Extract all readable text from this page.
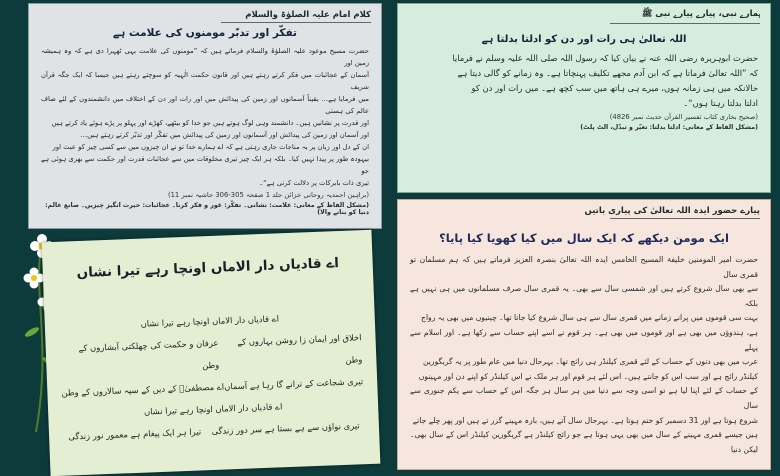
کلام امام علیہ الصلوٰۃ والسلام
تفکّر اور تدبّر مومنوں کی علامت ہے
حضرت مسیح موعود علیہ الصلوٰۃ والسلام فرماتے ہیں کہ ”مومنوں کی علامت یہی ٹھہرا دی ہے کہ وہ ہمیشہ زمین اور
آسمان کے عجائبات میں فکر کرتے رہتے ہیں اور قانون حکمت الٰہیہ کو سوچتے رہتے ہیں جیسا کہ ایک جگہ قرآن شریف
میں فرمایا ہے… یقیناً آسمانوں اور زمین کی پیدائش میں اور رات اور دن کے اختلاف میں دانشمندوں کے لئے صاف عالم کی ہستی
اور قدرت پر نشانیں ہیں۔ دانشمند وہی لوگ ہوتے ہیں جو خدا کو بیٹھے، کھڑے اور پہلو پر پڑے ہوئے یاد کرتے ہیں
اور آسمان اور زمین کی پیدائش اور آسمانوں اور زمین کی پیدائش میں تفکّر اور تدبّر کرتے رہتے ہیں…
ان کے دل اور زبان پر یہ مناجات جاری رہتی ہے کہ اے ہمارے خدا تو نے ان چیزوں میں سے کسی چیز کو عبث اور
بیہودہ طور پر پیدا نہیں کیا۔ بلکہ ہر ایک چیز تیری مخلوقات میں سے عجائبات قدرت اور حکمت سے بھری ہوئی ہے جو
تیری ذات بابرکات پر دلالت کرتی ہے“۔
(براہین احمدیہ روحانی خزائن جلد 1 صفحہ 305-306 حاشیہ نمبر 11)
(مشکل الفاظ کے معانی: علامت: نشانی۔ تفکّر: غور و فکر کرنا۔ عجائبات: حیرت انگیز چیزیں۔ صانع عالم: دنیا کو بنانے والا)
ہمارے نبی، پیارے پیارے نبی ﷺ
اللہ تعالیٰ ہی رات اور دن کو ادلتا بدلتا ہے
حضرت ابوہریرہ رضی اللہ عنہ نے بیان کیا کہ رسول اللہ صلی اللہ علیہ وسلم نے فرمایا
کہ ”اللہ تعالیٰ فرماتا ہے کہ ابن آدم مجھے تکلیف پہنچاتا ہے۔ وہ زمانے کو گالی دیتا ہے
حالانکہ میں ہی زمانہ ہوں، میرے ہی ہاتھ میں سب کچھ ہے۔ میں رات اور دن کو
ادلتا بدلتا رہتا ہوں“۔
(صحیح بخاری کتاب تفسیر القرآن حدیث نمبر 4826)
(مشکل الفاظ کے معانی: ادلتا بدلتا: تغیّر و تبدّل، الٹ پلٹ)
پیارے حضور ایدہ اللہ تعالیٰ کی پیاری باتیں
ایک مومن دیکھے کہ ایک سال میں کیا کھویا کیا پایا؟
حضرت امیر المومنین خلیفۃ المسیح الخامس ایدہ اللہ تعالیٰ بنصرہ العزیز فرماتے ہیں کہ ہم مسلمان تو قمری سال
سے بھی سال شروع کرتے ہیں اور شمسی سال سے بھی۔ یہ قمری سال صرف مسلمانوں میں ہی نہیں ہے بلکہ
بہت سی قوموں میں پرانے زمانے میں قمری سال سے ہی سال شروع کیا جاتا تھا۔ چینیوں میں بھی یہ رواج
ہے، ہندوؤں میں بھی ہے اور قوموں میں بھی ہے۔ ہر قوم نے اسے اپنے حساب سے رکھا ہے۔ اور اسلام سے پہلے
عرب میں بھی دنوں کے حساب کے لئے قمری کیلنڈر ہی رائج تھا۔ بہرحال دنیا میں عام طور پر یہ گریگورین
کیلنڈر رائج ہے اور سب اس کو جانتے ہیں۔ اس لئے ہر قوم اور ہر ملک نے اس کیلنڈر کو اپنے دن اور مہینوں
کے حساب کے لئے اپنا لیا ہے تو اسی وجہ سے دنیا میں ہر سال ہر جگہ اس کے حساب سے یکم جنوری سے سال
شروع ہوتا ہے اور 31 دسمبر کو ختم ہوتا ہے۔ بہرحال سال آتے ہیں، بارہ مہینے گزر تے ہیں اور پھر چلے جاتے
ہیں جیسے قمری مہینے کے سال میں بھی یہی ہوتا ہے جو رائج کیلنڈر ہے گریگورین کیلنڈر اس کے سال بھی۔ لیکن دنیا
اے قادیاں دار الاماں اونچا رہے تیرا نشاں
اے قادیاں دار الاماں اونچا رہے تیرا نشاں
اخلاق اور ایمان زا روشن بہاروں کے وطن
عرفان و حکمت کی چھلکتی آبشاروں کے وطن
تیری شجاعت کے ترانے گا رہا ہے آسماں
اے مصطفیٰؐ کے دیں کے سپہ سالاروں کے وطن
اے قادیاں دار الاماں اونچا رہے تیرا نشاں
تیری نواؤں سے ہے بستا ہے سر دور زندگی
تیرا ہر ایک پیغام ہے معمور نور زندگی
